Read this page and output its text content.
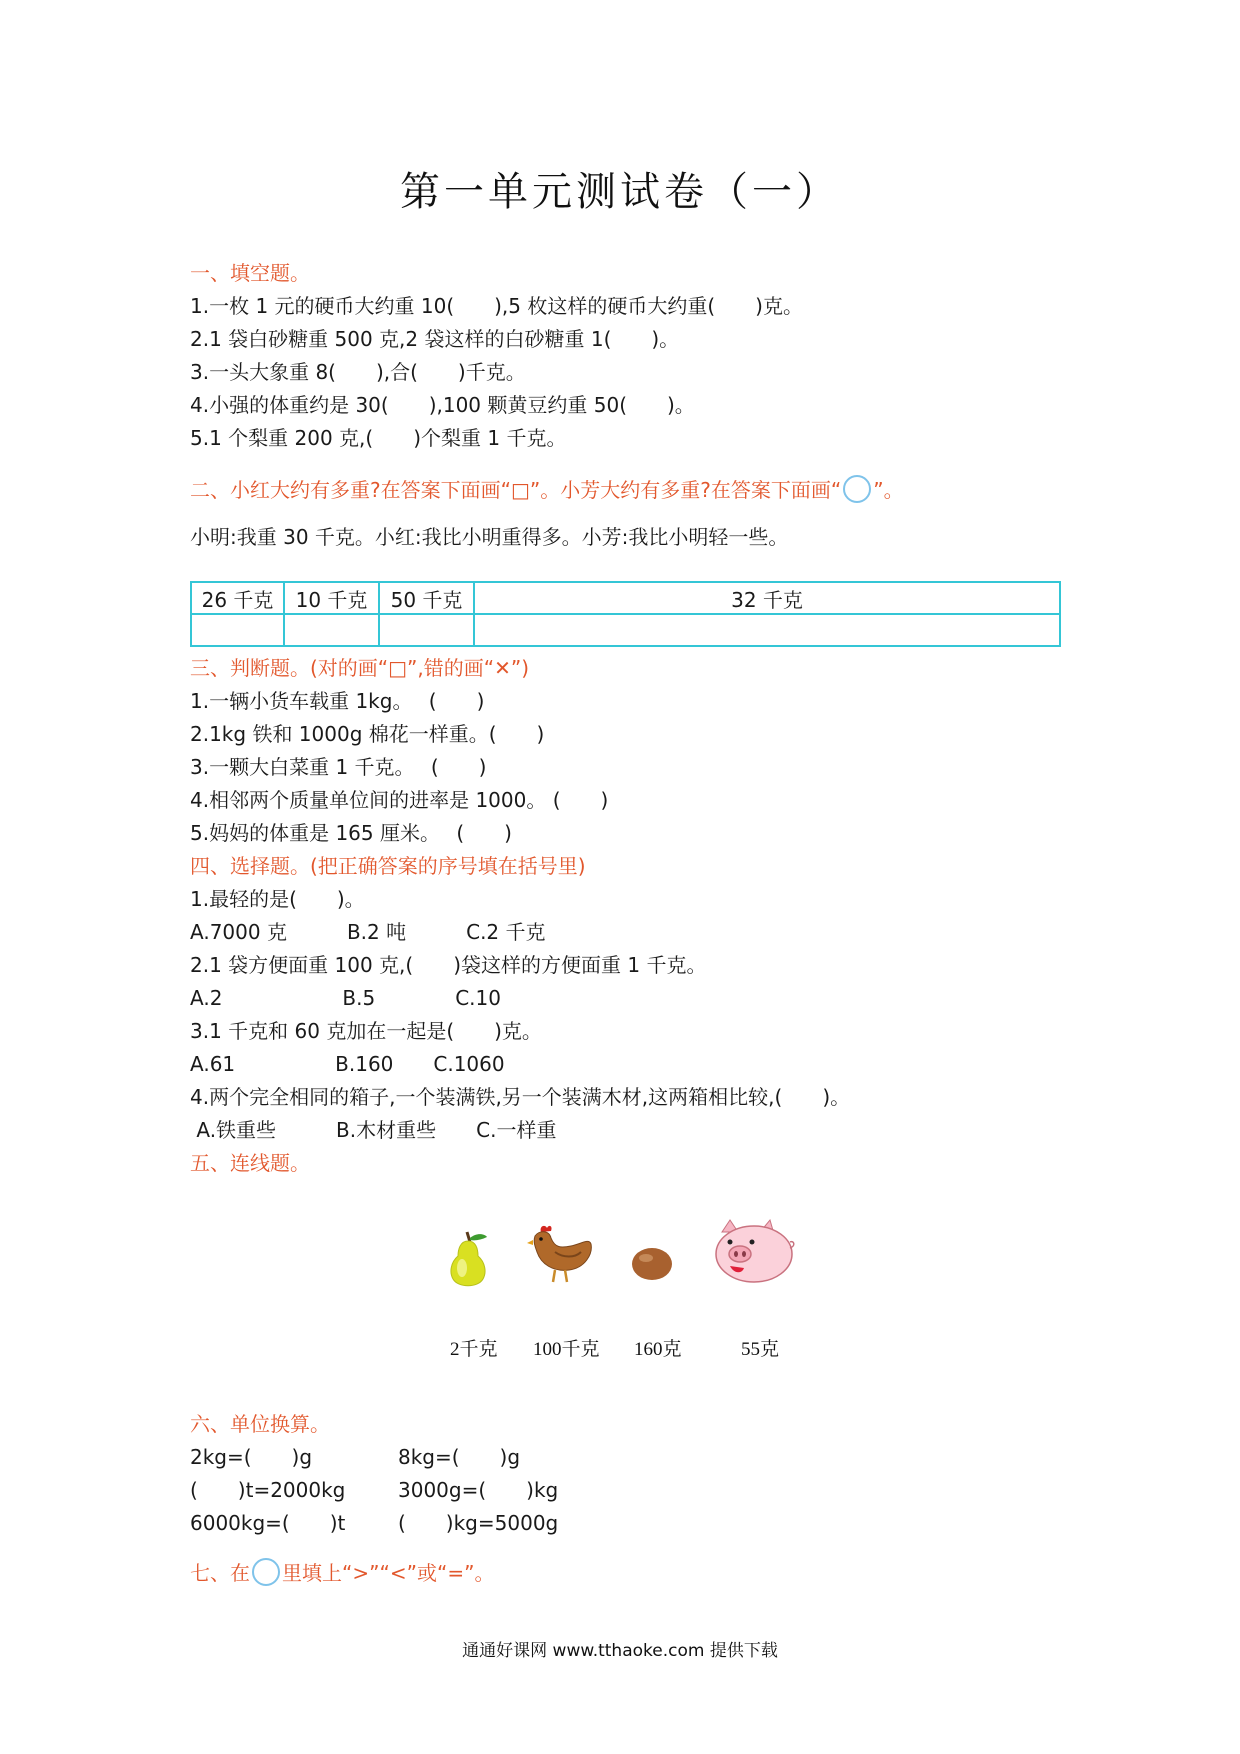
第一单元测试卷（一）
一、填空题。
1.一枚 1 元的硬币大约重 10(　　),5 枚这样的硬币大约重(　　)克。
2.1 袋白砂糖重 500 克,2 袋这样的白砂糖重 1(　　)。
3.一头大象重 8(　　),合(　　)千克。
4.小强的体重约是 30(　　),100 颗黄豆约重 50(　　)。
5.1 个梨重 200 克,(　　)个梨重 1 千克。
二、小红大约有多重?在答案下面画“□”。小芳大约有多重?在答案下面画“ ”。
小明:我重 30 千克。小红:我比小明重得多。小芳:我比小明轻一些。
26 千克	10 千克	50 千克	32 千克

三、判断题。(对的画“□”,错的画“✕”)
1.一辆小货车载重 1kg。　 (　　)
2.1kg 铁和 1000g 棉花一样重。(　　)
3.一颗大白菜重 1 千克。　 (　　)
4.相邻两个质量单位间的进率是 1000。 (　　)
5.妈妈的体重是 165 厘米。　 (　　)
四、选择题。(把正确答案的序号填在括号里)
1.最轻的是(　　)。
A.7000 克　　　B.2 吨　　　C.2 千克
2.1 袋方便面重 100 克,(　　)袋这样的方便面重 1 千克。
A.2　　　　　　B.5　　　　C.10
3.1 千克和 60 克加在一起是(　　)克。
A.61　　　　　B.160　　C.1060
4.两个完全相同的箱子,一个装满铁,另一个装满木材,这两箱相比较,(　　)。
A.铁重些　　　B.木材重些　　C.一样重
五、连线题。
2千克 100千克 160克	55克
六、单位换算。
2kg=(　　)g	8kg=(　　)g
(　　)t=2000kg	3000g=(　　)kg
6000kg=(　　)t	(　　)kg=5000g
七、在 里填上“>”“<”或“=”。
通通好课网 www.tthaoke.com 提供下载
